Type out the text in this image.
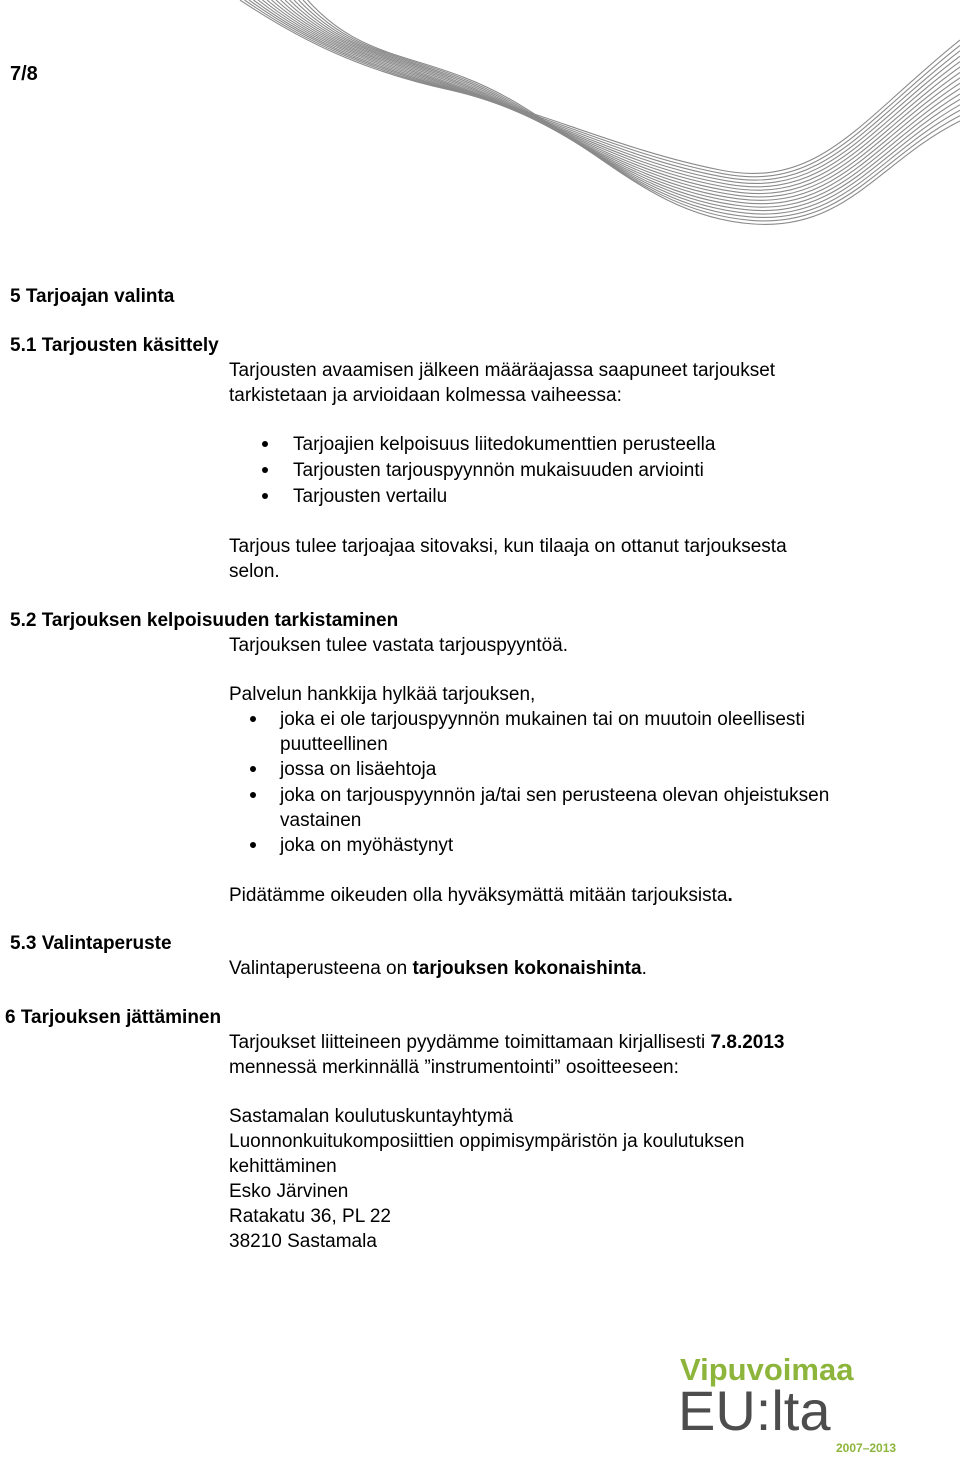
7/8
5 Tarjoajan valinta
5.1 Tarjousten käsittely
Tarjousten avaamisen jälkeen määräajassa saapuneet tarjoukset
tarkistetaan ja arvioidaan kolmessa vaiheessa:
Tarjoajien kelpoisuus liitedokumenttien perusteella
Tarjousten tarjouspyynnön mukaisuuden arviointi
Tarjousten vertailu
Tarjous tulee tarjoajaa sitovaksi, kun tilaaja on ottanut tarjouksesta
selon.
5.2 Tarjouksen kelpoisuuden tarkistaminen
Tarjouksen tulee vastata tarjouspyyntöä.
Palvelun hankkija hylkää tarjouksen,
joka ei ole tarjouspyynnön mukainen tai on muutoin oleellisesti
puutteellinen
jossa on lisäehtoja
joka on tarjouspyynnön ja/tai sen perusteena olevan ohjeistuksen
vastainen
joka on myöhästynyt
Pidätämme oikeuden olla hyväksymättä mitään tarjouksista.
5.3 Valintaperuste
Valintaperusteena on tarjouksen kokonaishinta.
6 Tarjouksen jättäminen
Tarjoukset liitteineen pyydämme toimittamaan kirjallisesti 7.8.2013
mennessä merkinnällä ”instrumentointi” osoitteeseen:
Sastamalan koulutuskuntayhtymä
Luonnonkuitukomposiittien oppimisympäristön ja koulutuksen
kehittäminen
Esko Järvinen
Ratakatu 36, PL 22
38210 Sastamala
Vipuvoimaa
EU:lta
2007–2013
